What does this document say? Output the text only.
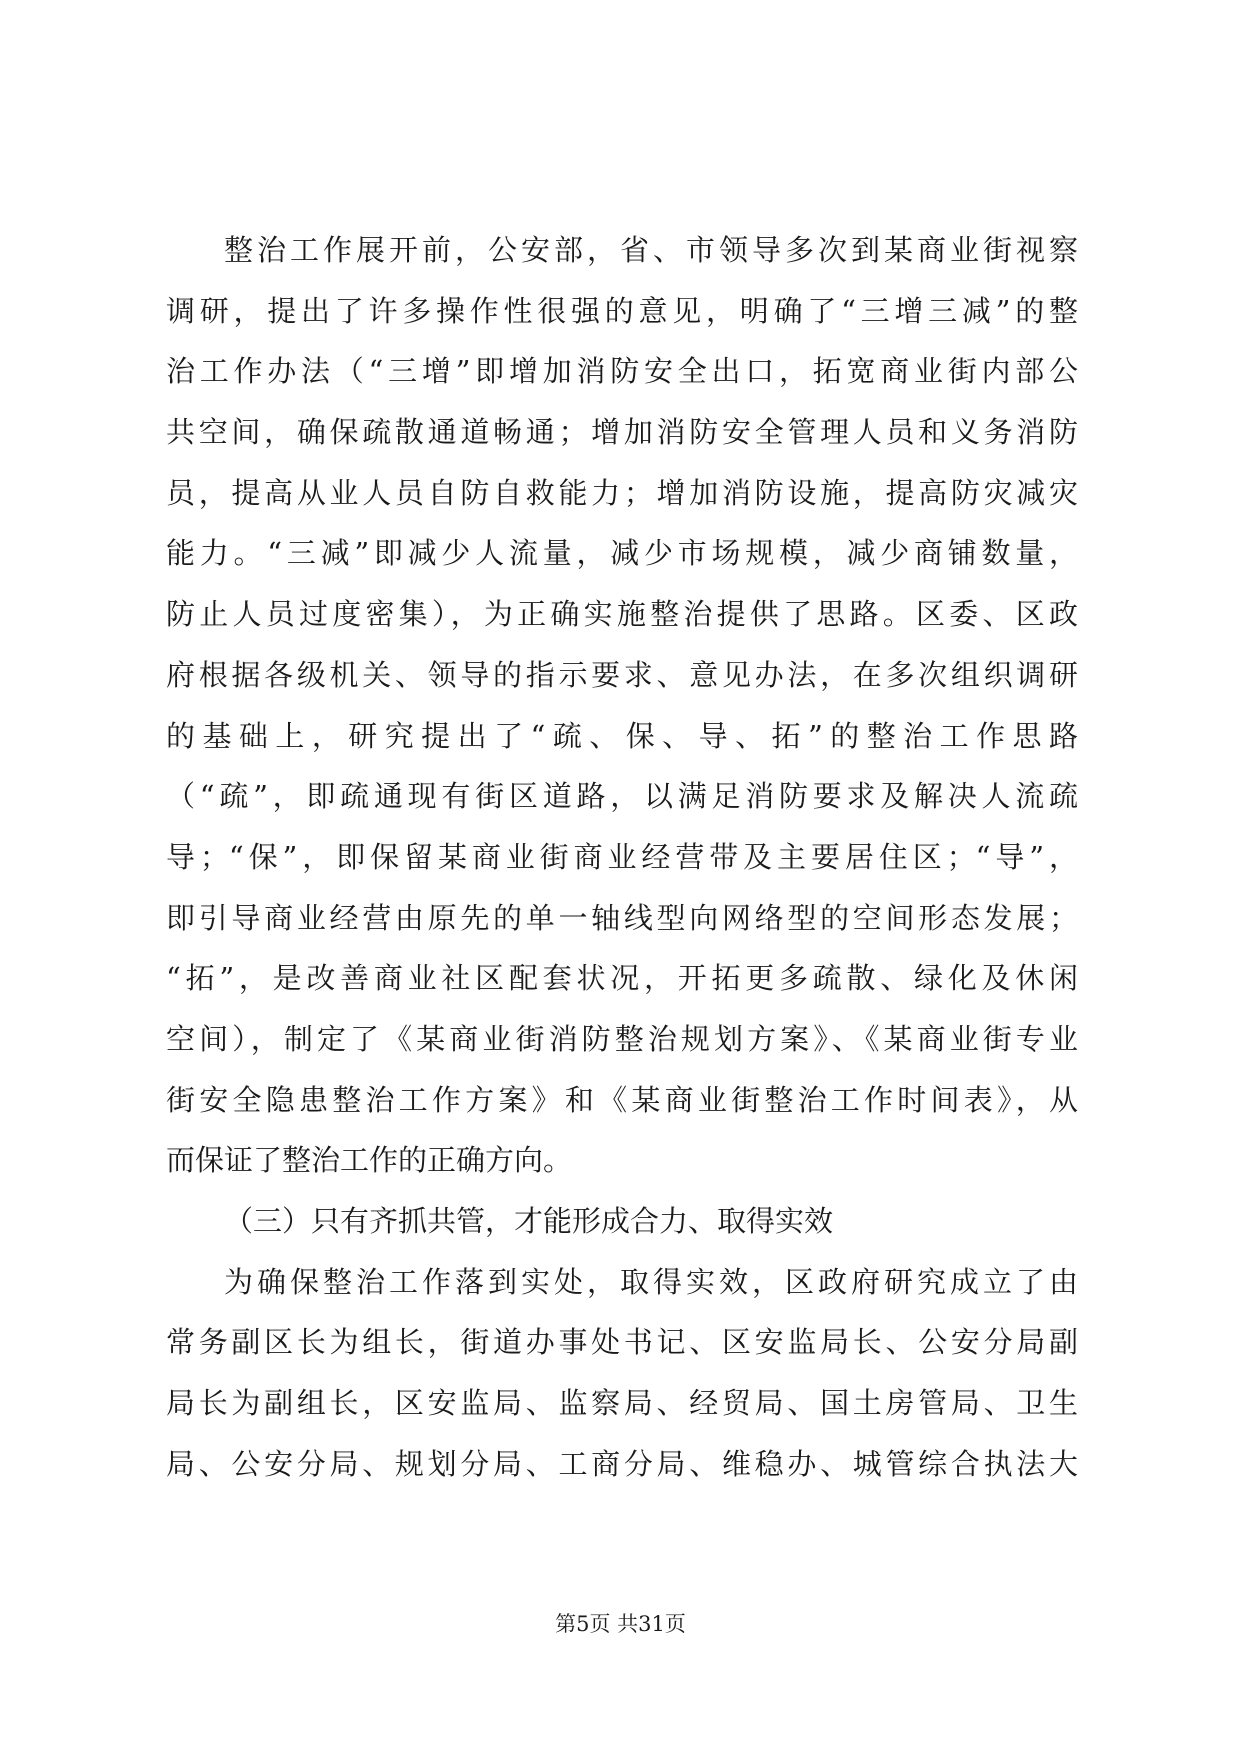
整治工作展开前，公安部，省、市领导多次到某商业街视察
调研，提出了许多操作性很强的意见，明确了“三增三减”的整
治工作办法（“三增”即增加消防安全出口，拓宽商业街内部公
共空间，确保疏散通道畅通；增加消防安全管理人员和义务消防
员，提高从业人员自防自救能力；增加消防设施，提高防灾减灾
能力。“三减”即减少人流量，减少市场规模，减少商铺数量，
防止人员过度密集），为正确实施整治提供了思路。区委、区政
府根据各级机关、领导的指示要求、意见办法，在多次组织调研
的基础上，研究提出了“疏、保、导、拓”的整治工作思路
（“疏”，即疏通现有街区道路，以满足消防要求及解决人流疏
导；“保”，即保留某商业街商业经营带及主要居住区；“导”，
即引导商业经营由原先的单一轴线型向网络型的空间形态发展；
“拓”，是改善商业社区配套状况，开拓更多疏散、绿化及休闲
空间），制定了《某商业街消防整治规划方案》、《某商业街专业
街安全隐患整治工作方案》和《某商业街整治工作时间表》，从
而保证了整治工作的正确方向。
（三）只有齐抓共管，才能形成合力、取得实效
为确保整治工作落到实处，取得实效，区政府研究成立了由
常务副区长为组长，街道办事处书记、区安监局长、公安分局副
局长为副组长，区安监局、监察局、经贸局、国土房管局、卫生
局、公安分局、规划分局、工商分局、维稳办、城管综合执法大
第5页 共31页
